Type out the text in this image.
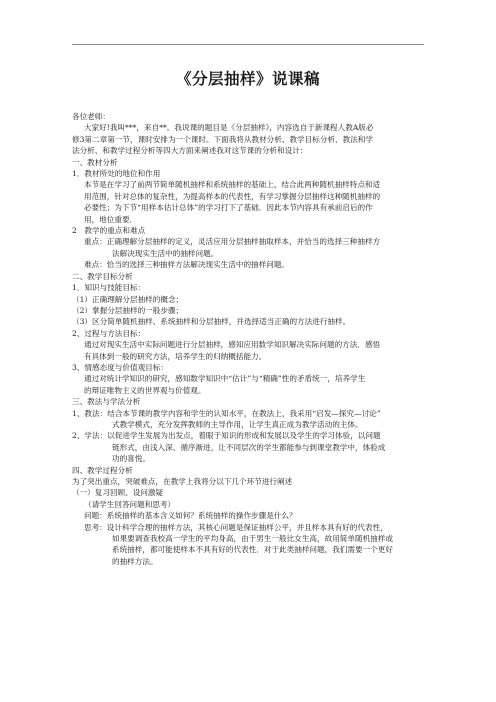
《分层抽样》说课稿
各位老师：
大家好!我叫***，来自**。我说课的题目是《分层抽样》，内容选自于新课程人教A版必
修3第二章第一节，课时安排为一个课时。下面我将从教材分析、教学目标分析、教法和学
法分析、和教学过程分析等四大方面来阐述我对这节课的分析和设计：
一、教材分析
1．教材所处的地位和作用
本节是在学习了前两节简单随机抽样和系统抽样的基础上，结合此两种随机抽样特点和适
用范围，针对总体的复杂性，为提高样本的代表性，有学习掌握分层抽样这种随机抽样的
必要性；为下节“用样本估计总体”的学习打下了基础．因此本节内容具有承前启后的作
用，地位重要．
2　教学的重点和难点
重点：正确理解分层抽样的定义，灵活应用分层抽样抽取样本，并恰当的选择三种抽样方
法解决现实生活中的抽样问题。
难点：恰当的选择三种抽样方法解决现实生活中的抽样问题。
二、教学目标分析
1．知识与技能目标：
（1）正确理解分层抽样的概念；
（2）掌握分层抽样的一般步骤；
（3）区分简单随机抽样、系统抽样和分层抽样，并选择适当正确的方法进行抽样。
2、过程与方法目标：
通过对现实生活中实际问题进行分层抽样，感知应用数学知识解决实际问题的方法．感悟
有具体到一般的研究方法，培养学生的归纳概括能力。
3、情感态度与价值观目标：
通过对统计学知识的研究，感知数学知识中“估计”与“精确”性的矛盾统一，培养学生
的辩证唯物主义的世界观与价值观。
三、教法与学法分析
1、教法：结合本节课的教学内容和学生的认知水平，在教法上，我采用“启发—探究—讨论”
式教学模式，充分发挥教师的主导作用，让学生真正成为教学活动的主体。
2、学法：以促进学生发展为出发点，着眼于知识的形成和发展以及学生的学习体验，以问题
链形式，由浅入深、循序渐进，让不同层次的学生都能参与到课堂教学中，体验成
功的喜悦。
四、教学过程分析
为了突出重点，突破难点，在教学上我将分以下几个环节进行阐述
（一）复习回顾、设问激疑
（请学生回答问题和思考）
问题：系统抽样的基本含义如何？系统抽样的操作步骤是什么？
思考：设计科学合理的抽样方法，其核心问题是保证抽样公平，并且样本具有好的代表性，
如果要调查我校高一学生的平均身高，由于男生一般比女生高，故用简单随机抽样或
系统抽样，都可能使样本不具有好的代表性．对于此类抽样问题，我们需要一个更好
的抽样方法。
